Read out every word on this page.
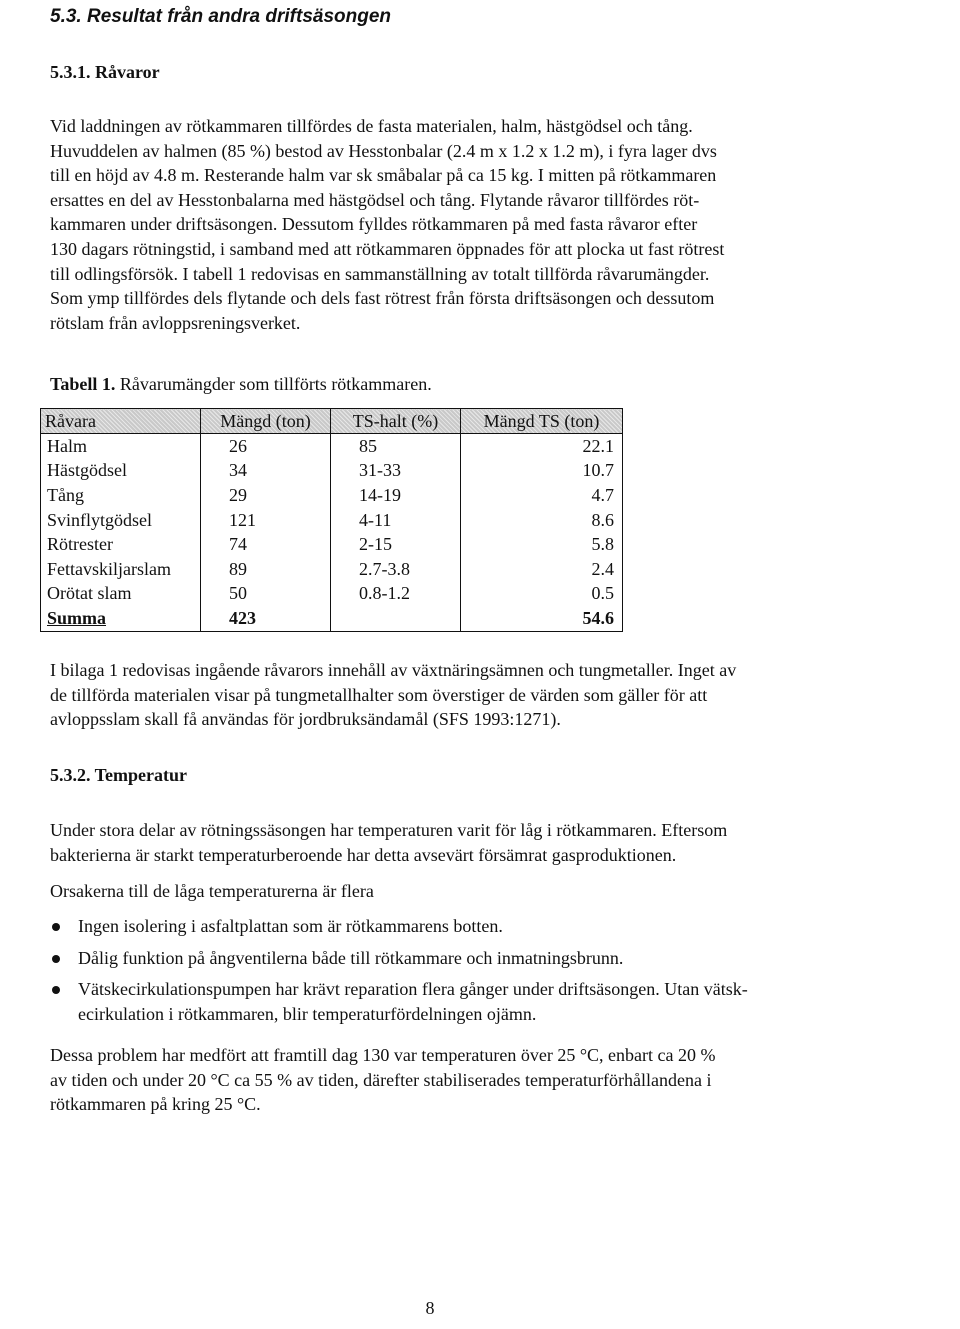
5.3. Resultat från andra driftsäsongen
5.3.1. Råvaror

Vid laddningen av rötkammaren tillfördes de fasta materialen, halm, hästgödsel och tång.
Huvuddelen av halmen (85 %) bestod av Hesstonbalar (2.4 m x 1.2 x 1.2 m), i fyra lager dvs
till en höjd av 4.8 m. Resterande halm var sk småbalar på ca 15 kg. I mitten på rötkammaren
ersattes en del av Hesstonbalarna med hästgödsel och tång. Flytande råvaror tillfördes röt-
kammaren under driftsäsongen. Dessutom fylldes rötkammaren på med fasta råvaror efter
130 dagars rötningstid, i samband med att rötkammaren öppnades för att plocka ut fast rötrest
till odlingsförsök. I tabell 1 redovisas en sammanställning av totalt tillförda råvarumängder.
Som ymp tillfördes dels flytande och dels fast rötrest från första driftsäsongen och dessutom
rötslam från avloppsreningsverket.

Tabell 1. Råvarumängder som tillförts rötkammaren.

Råvara	Mängd (ton)	TS-halt (%)	Mängd TS (ton)
Halm	26	85	22.1
Hästgödsel	34	31-33	10.7
Tång	29	14-19	4.7
Svinflytgödsel	121	4-11	8.6
Rötrester	74	2-15	5.8
Fettavskiljarslam	89	2.7-3.8	2.4
Orötat slam	50	0.8-1.2	0.5
Summa	423		54.6

I bilaga 1 redovisas ingående råvarors innehåll av växtnäringsämnen och tungmetaller. Inget av
de tillförda materialen visar på tungmetallhalter som överstiger de värden som gäller för att
avloppsslam skall få användas för jordbruksändamål (SFS 1993:1271).

5.3.2. Temperatur

Under stora delar av rötningssäsongen har temperaturen varit för låg i rötkammaren. Eftersom
bakterierna är starkt temperaturberoende har detta avsevärt försämrat gasproduktionen.

Orsakerna till de låga temperaturerna är flera

Ingen isolering i asfaltplattan som är rötkammarens botten.
Dålig funktion på ångventilerna både till rötkammare och inmatningsbrunn.
Vätskecirkulationspumpen har krävt reparation flera gånger under driftsäsongen. Utan vätsk-
ecirkulation i rötkammaren, blir temperaturfördelningen ojämn.

Dessa problem har medfört att framtill dag 130 var temperaturen över 25 °C, enbart ca 20 %
av tiden och under 20 °C ca 55 % av tiden, därefter stabiliserades temperaturförhållandena i
rötkammaren på kring 25 °C.

8
